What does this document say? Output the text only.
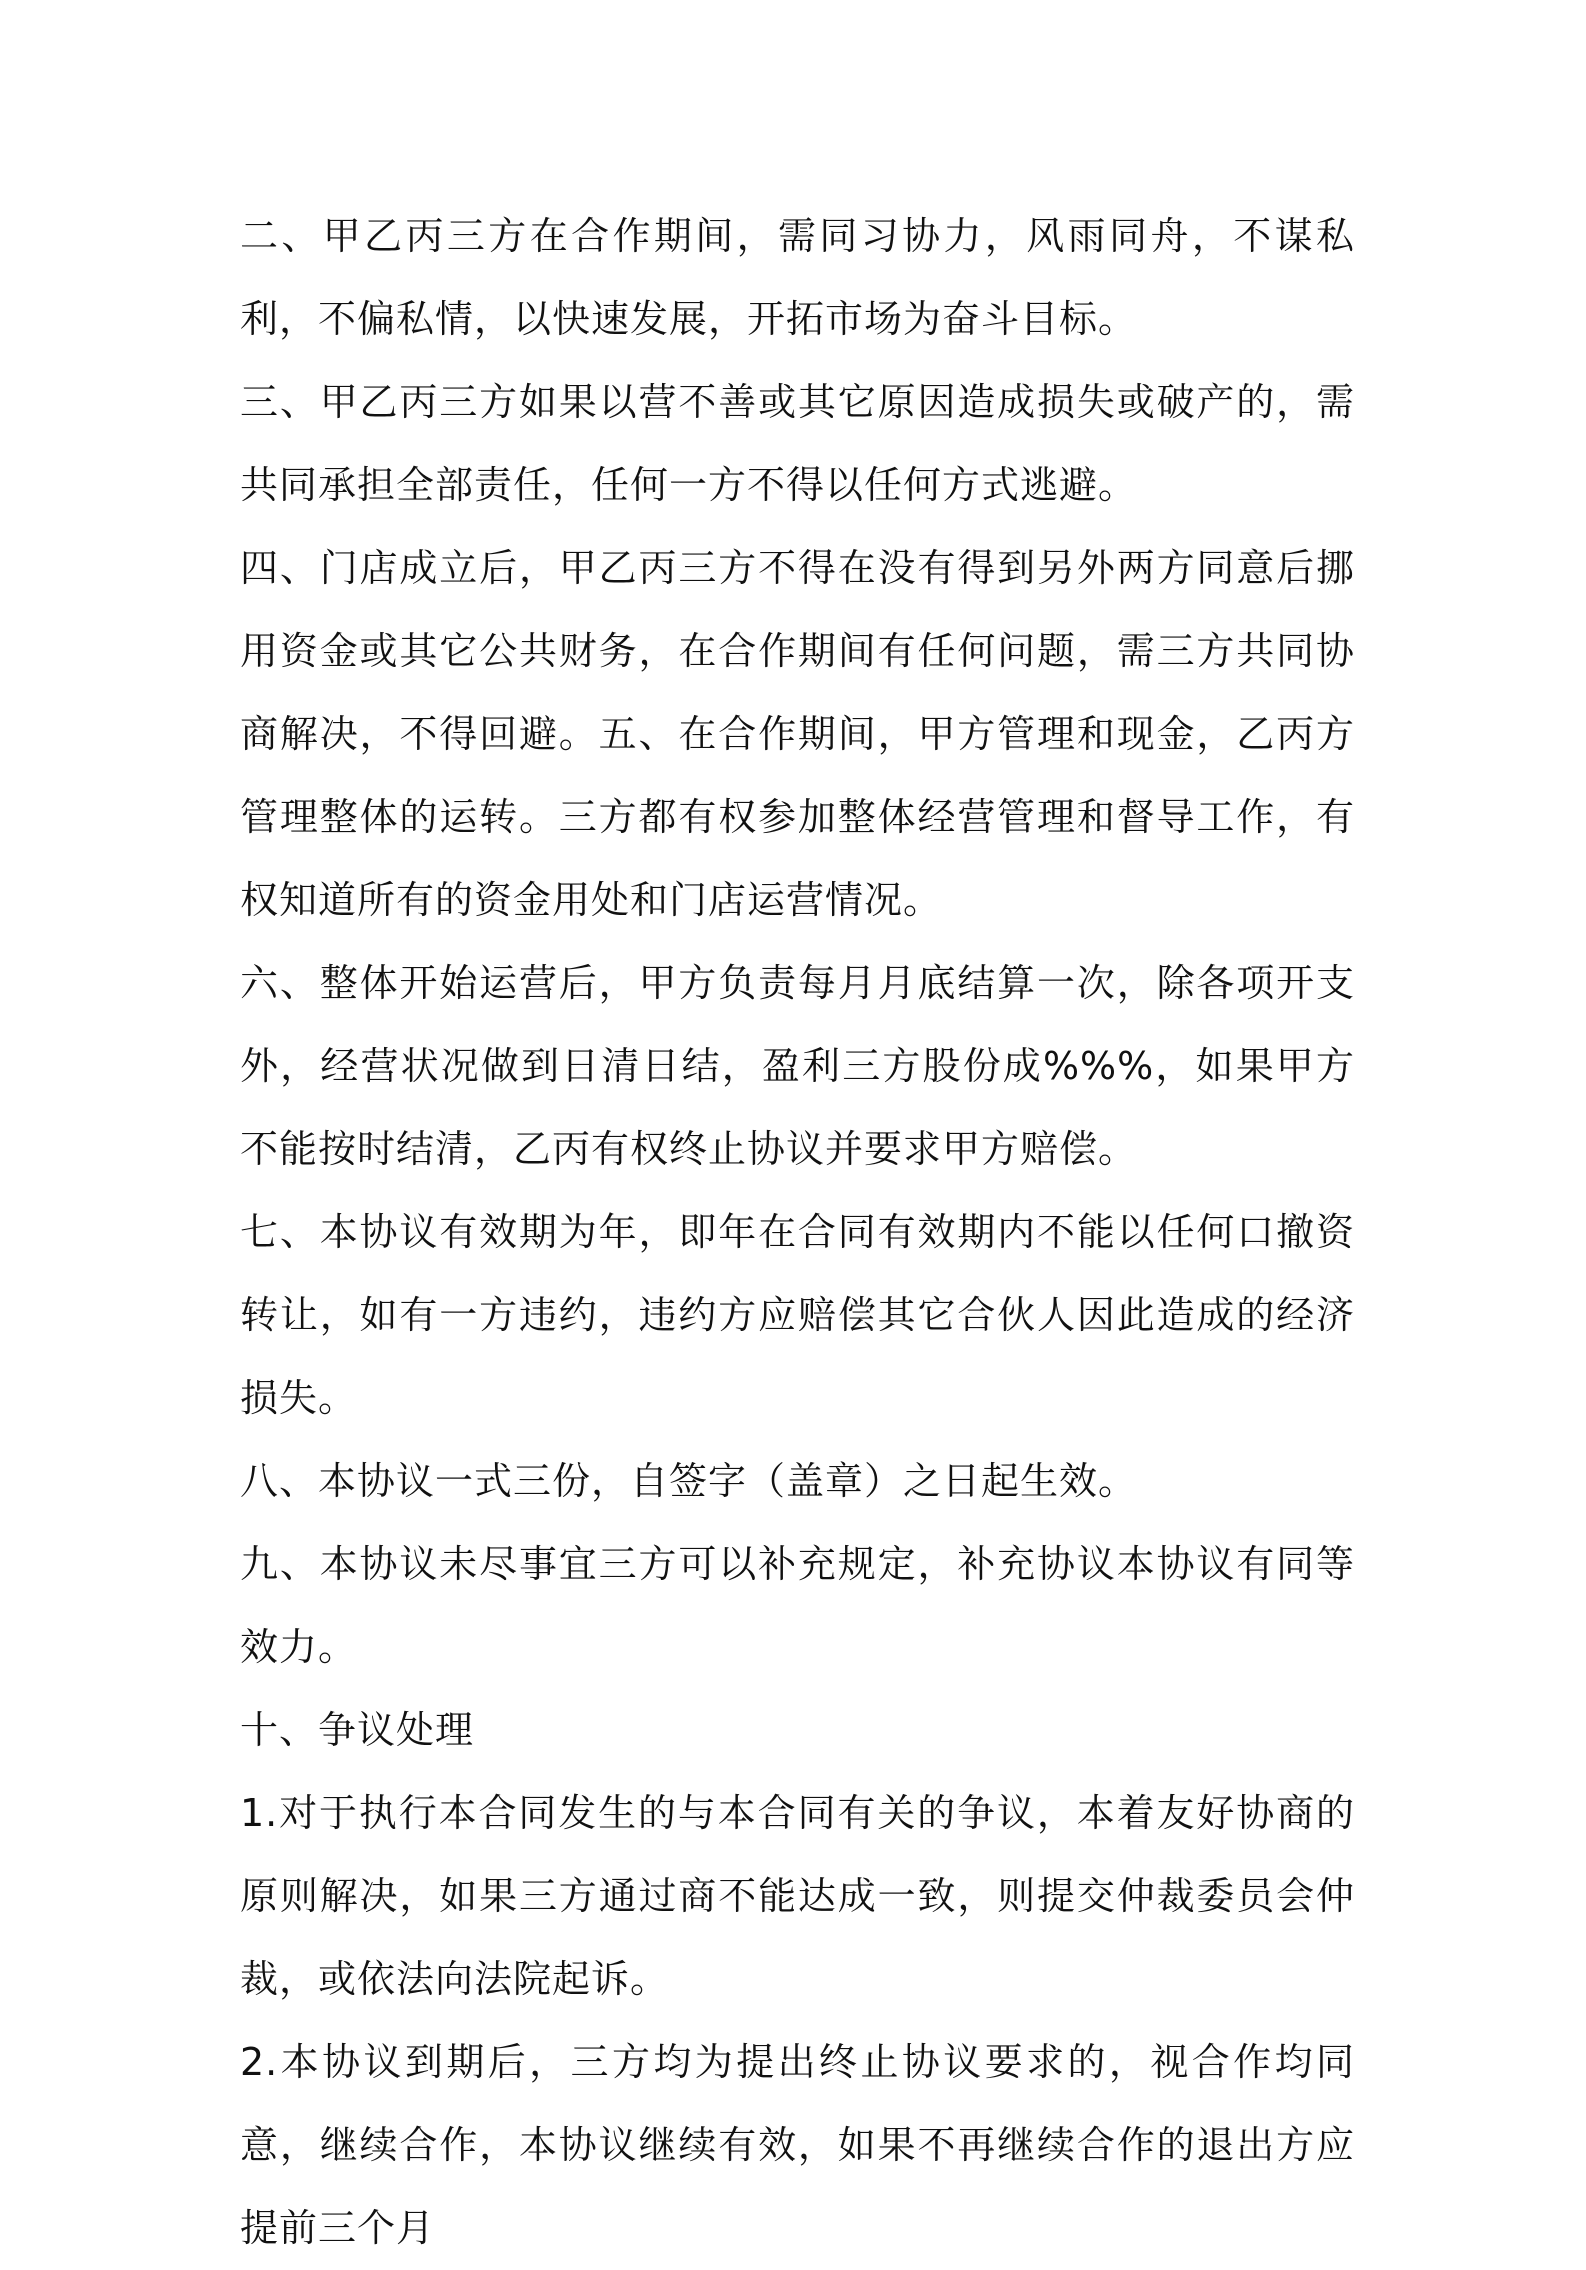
二、甲乙丙三方在合作期间，需同习协力，风雨同舟，不谋私利，不偏私情，以快速发展，开拓市场为奋斗目标。

三、甲乙丙三方如果以营不善或其它原因造成损失或破产的，需共同承担全部责任，任何一方不得以任何方式逃避。

四、门店成立后，甲乙丙三方不得在没有得到另外两方同意后挪用资金或其它公共财务，在合作期间有任何问题，需三方共同协商解决，不得回避。五、在合作期间，甲方管理和现金，乙丙方管理整体的运转。三方都有权参加整体经营管理和督导工作，有权知道所有的资金用处和门店运营情况。

六、整体开始运营后，甲方负责每月月底结算一次，除各项开支外，经营状况做到日清日结，盈利三方股份成%%%，如果甲方不能按时结清，乙丙有权终止协议并要求甲方赔偿。

七、本协议有效期为年，即年在合同有效期内不能以任何口撤资转让，如有一方违约，违约方应赔偿其它合伙人因此造成的经济损失。

八、本协议一式三份，自签字（盖章）之日起生效。

九、本协议未尽事宜三方可以补充规定，补充协议本协议有同等效力。

十、争议处理

1.对于执行本合同发生的与本合同有关的争议，本着友好协商的原则解决，如果三方通过商不能达成一致，则提交仲裁委员会仲裁，或依法向法院起诉。

2.本协议到期后，三方均为提出终止协议要求的，视合作均同意，继续合作，本协议继续有效，如果不再继续合作的退出方应提前三个月
